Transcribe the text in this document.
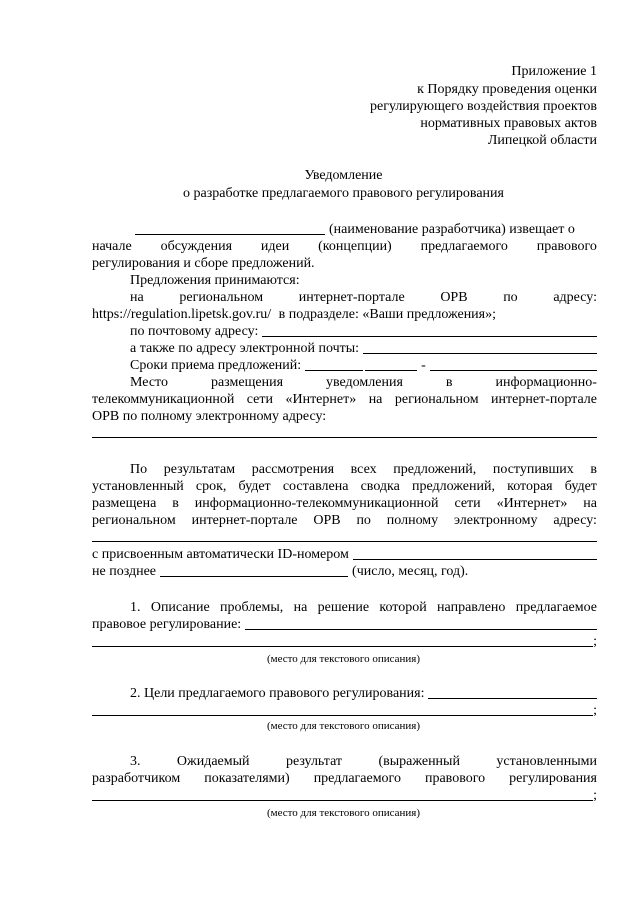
Приложение 1
к Порядку проведения оценки
регулирующего воздействия проектов
нормативных правовых актов
Липецкой области
Уведомление
о разработке предлагаемого правового регулирования
(наименование разработчика) извещает о
начале обсуждения идеи (концепции) предлагаемого правового
регулирования и сборе предложений.
Предложения принимаются:
на	региональном	интернет-портале	ОРВ	по	адресу:
https://regulation.lipetsk.gov.ru/ в подразделе: «Ваши предложения»;
по почтовому адресу:
а также по адресу электронной почты:
Сроки приема предложений:	-
Место	размещения	уведомления	в	информационно-
телекоммуникационной сети «Интернет» на региональном интернет-портале
ОРВ по полному электронному адресу:
По результатам рассмотрения всех предложений, поступивших в
установленный срок, будет составлена сводка предложений, которая будет
размещена в информационно-телекоммуникационной сети «Интернет» на
региональном интернет-портале ОРВ по полному электронному адресу:
с присвоенным автоматически ID-номером
не позднее	(число, месяц, год).
1. Описание проблемы, на решение которой направлено предлагаемое
правовое регулирование:
;
(место для текстового описания)
2. Цели предлагаемого правового регулирования:
;
(место для текстового описания)
3.	Ожидаемый	результат	(выраженный	установленными
разработчиком показателями) предлагаемого правового регулирования
;
(место для текстового описания)
